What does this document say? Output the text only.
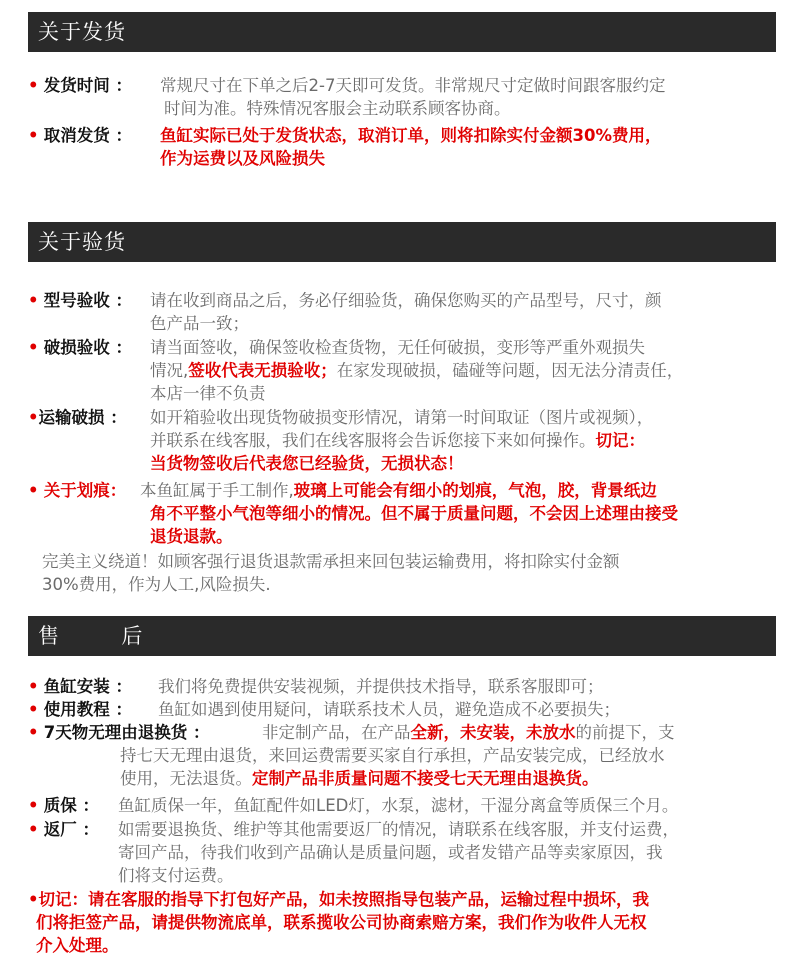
关于发货
• 发货时间 ： 常规尺寸在下单之后2-7天即可发货。非常规尺寸定做时间跟客服约定
时间为准。特殊情况客服会主动联系顾客协商。
• 取消发货 ： 鱼缸实际已处于发货状态，取消订单，则将扣除实付金额30%费用，
作为运费以及风险损失
关于验货
• 型号验收 ： 请在收到商品之后，务必仔细验货，确保您购买的产品型号，尺寸，颜
色产品一致；
• 破损验收 ： 请当面签收，确保签收检查货物，无任何破损，变形等严重外观损失
情况,签收代表无损验收；在家发现破损，磕碰等问题，因无法分清责任，
本店一律不负责
•运输破损 ： 如开箱验收出现货物破损变形情况，请第一时间取证（图片或视频），
并联系在线客服，我们在线客服将会告诉您接下来如何操作。切记：
当货物签收后代表您已经验货，无损状态！
• 关于划痕： 本鱼缸属于手工制作,玻璃上可能会有细小的划痕，气泡，胶，背景纸边
角不平整小气泡等细小的情况。但不属于质量问题，不会因上述理由接受
退货退款。
完美主义绕道！如顾客强行退货退款需承担来回包装运输费用，将扣除实付金额
30%费用，作为人工,风险损失.
售        后
• 鱼缸安装 ： 我们将免费提供安装视频，并提供技术指导，联系客服即可；
• 使用教程 ： 鱼缸如遇到使用疑问，请联系技术人员，避免造成不必要损失；
• 7天物无理由退换货 ：	非定制产品，在产品全新，未安装，未放水的前提下，支
持七天无理由退货，来回运费需要买家自行承担，产品安装完成，已经放水
使用，无法退货。定制产品非质量问题不接受七天无理由退换货。
• 质保 ： 鱼缸质保一年，鱼缸配件如LED灯，水泵，滤材，干湿分离盒等质保三个月。
• 返厂 ： 如需要退换货、维护等其他需要返厂的情况，请联系在线客服，并支付运费，
寄回产品，待我们收到产品确认是质量问题，或者发错产品等卖家原因，我
们将支付运费。
•切记：请在客服的指导下打包好产品，如未按照指导包装产品，运输过程中损坏，我
们将拒签产品，请提供物流底单，联系揽收公司协商索赔方案，我们作为收件人无权
介入处理。
